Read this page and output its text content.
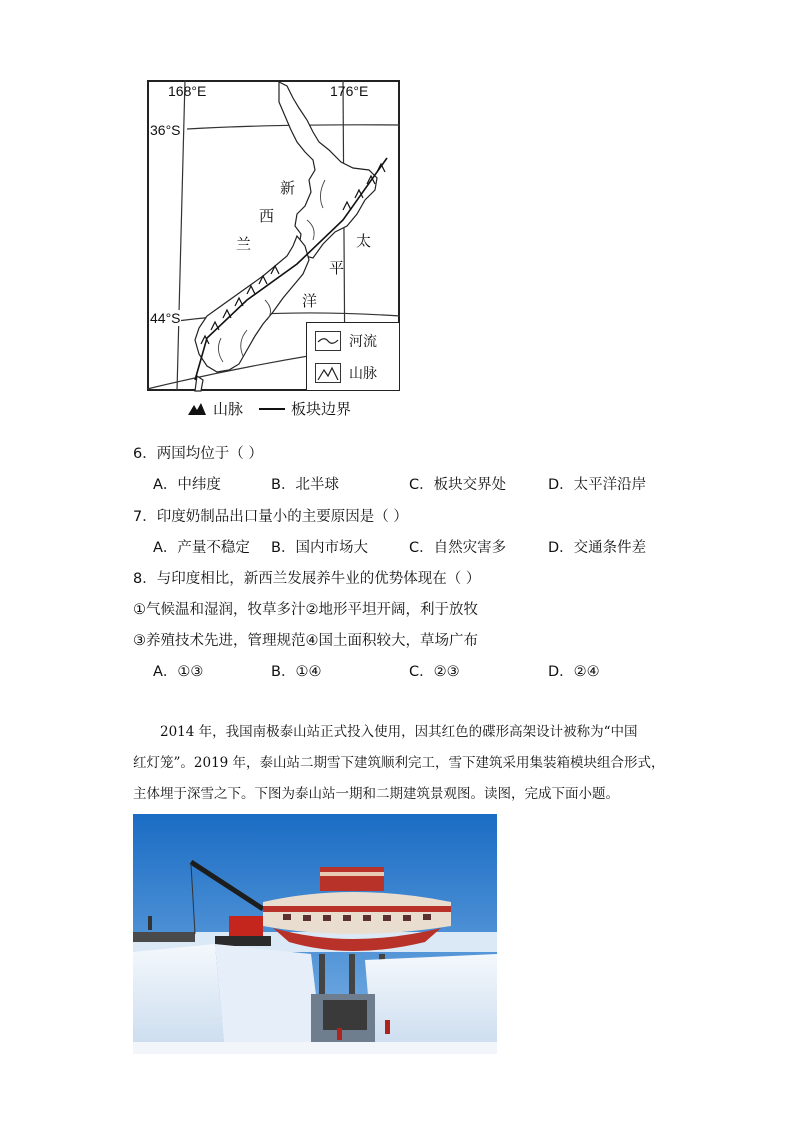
168°E	176°E
36°S
44°S
新
西
兰	太
平
洋
河流
山脉
山脉	板块边界
6．两国均位于（ ）
A．中纬度	B．北半球	C．板块交界处	D．太平洋沿岸
7．印度奶制品出口量小的主要原因是（ ）
A．产量不稳定 B．国内市场大	C．自然灾害多	D．交通条件差
8．与印度相比，新西兰发展养牛业的优势体现在（ ）
①气候温和湿润，牧草多汁②地形平坦开阔，利于放牧
③养殖技术先进，管理规范④国土面积较大，草场广布
A．①③	B．①④	C．②③	D．②④
2014 年，我国南极泰山站正式投入使用，因其红色的碟形高架设计被称为“中国
红灯笼”。2019 年，泰山站二期雪下建筑顺利完工，雪下建筑采用集装箱模块组合形式，
主体埋于深雪之下。下图为泰山站一期和二期建筑景观图。读图，完成下面小题。
